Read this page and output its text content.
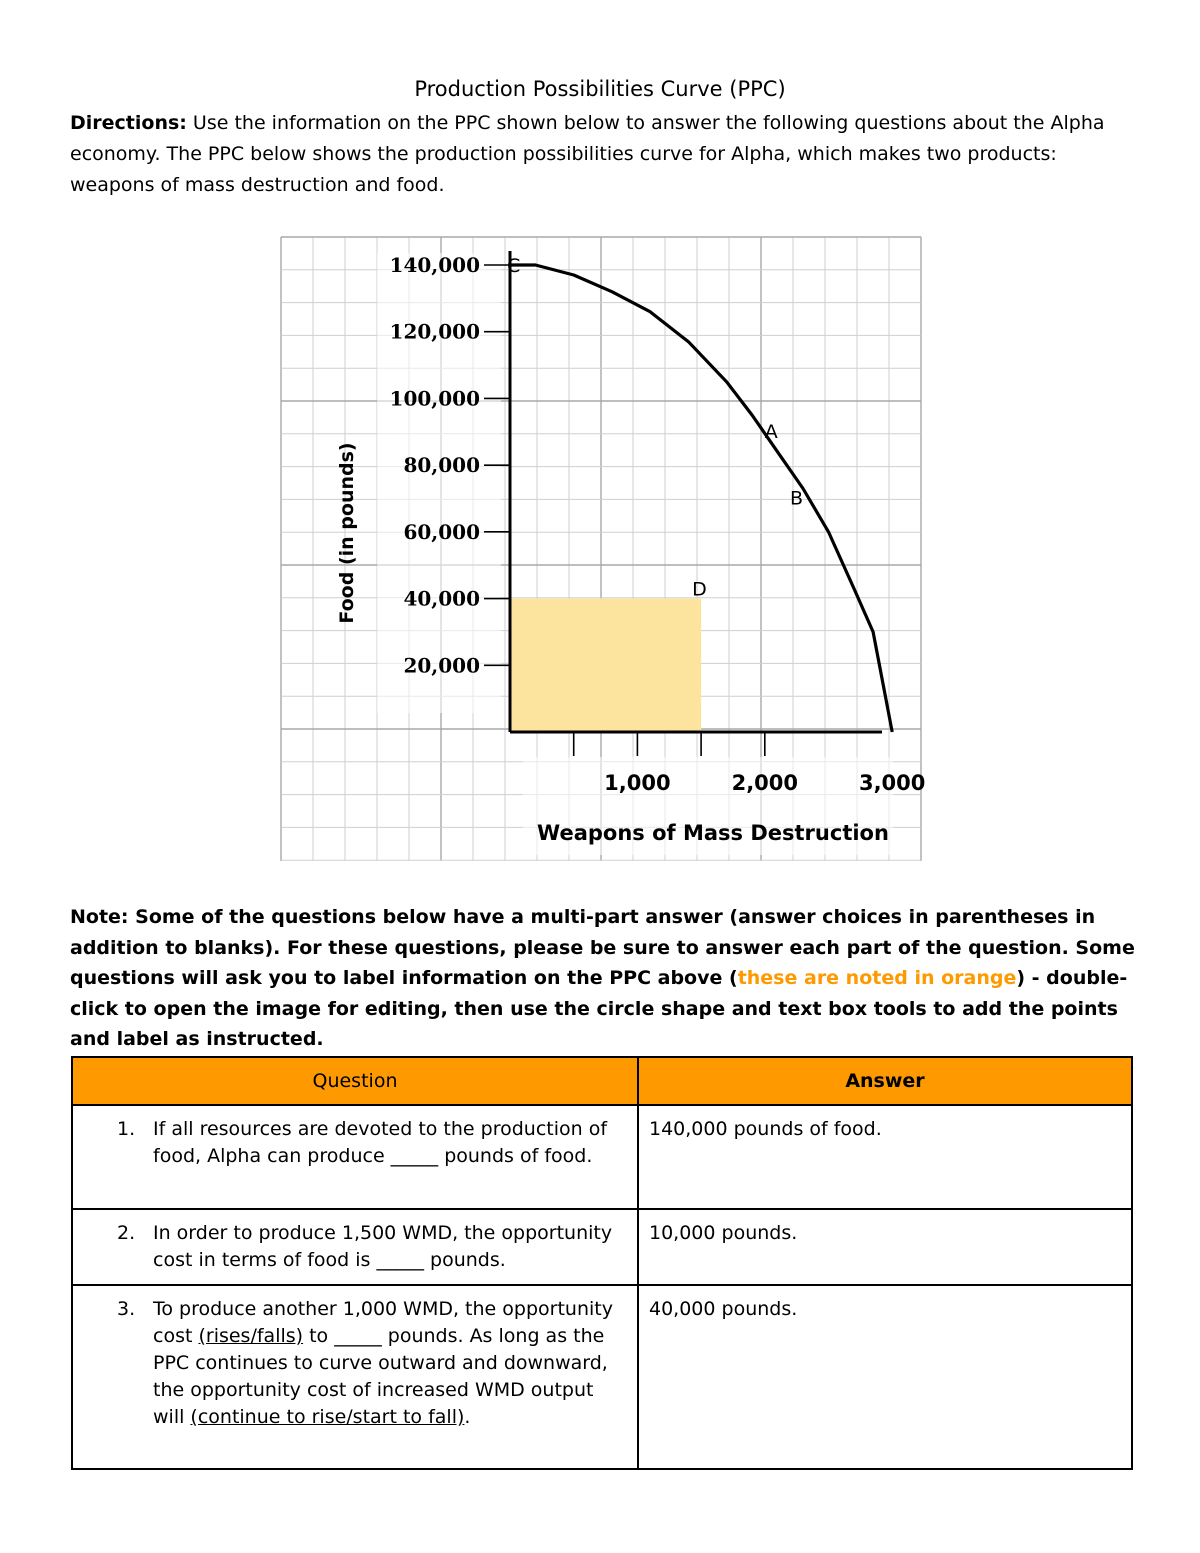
Production Possibilities Curve (PPC)
Directions: Use the information on the PPC shown below to answer the following questions about the Alpha economy. The PPC below shows the production possibilities curve for Alpha, which makes two products: weapons of mass destruction and food.
140,000
120,000
100,000
80,000
60,000
40,000
20,000
1,000	2,000	3,000
C
A
B
D
Food (in pounds)
Weapons of Mass Destruction
Note: Some of the questions below have a multi-part answer (answer choices in parentheses in addition to blanks). For these questions, please be sure to answer each part of the question. Some questions will ask you to label information on the PPC above (these are noted in orange) - double-click to open the image for editing, then use the circle shape and text box tools to add the points and label as instructed.
Question	Answer

1. If all resources are devoted to the production of food, Alpha can produce _____ pounds of food.	140,000 pounds of food.

2. In order to produce 1,500 WMD, the opportunity cost in terms of food is _____ pounds.	10,000 pounds.

3. To produce another 1,000 WMD, the opportunity cost (rises/falls) to _____ pounds. As long as the PPC continues to curve outward and downward, the opportunity cost of increased WMD output will (continue to rise/start to fall).	40,000 pounds.
